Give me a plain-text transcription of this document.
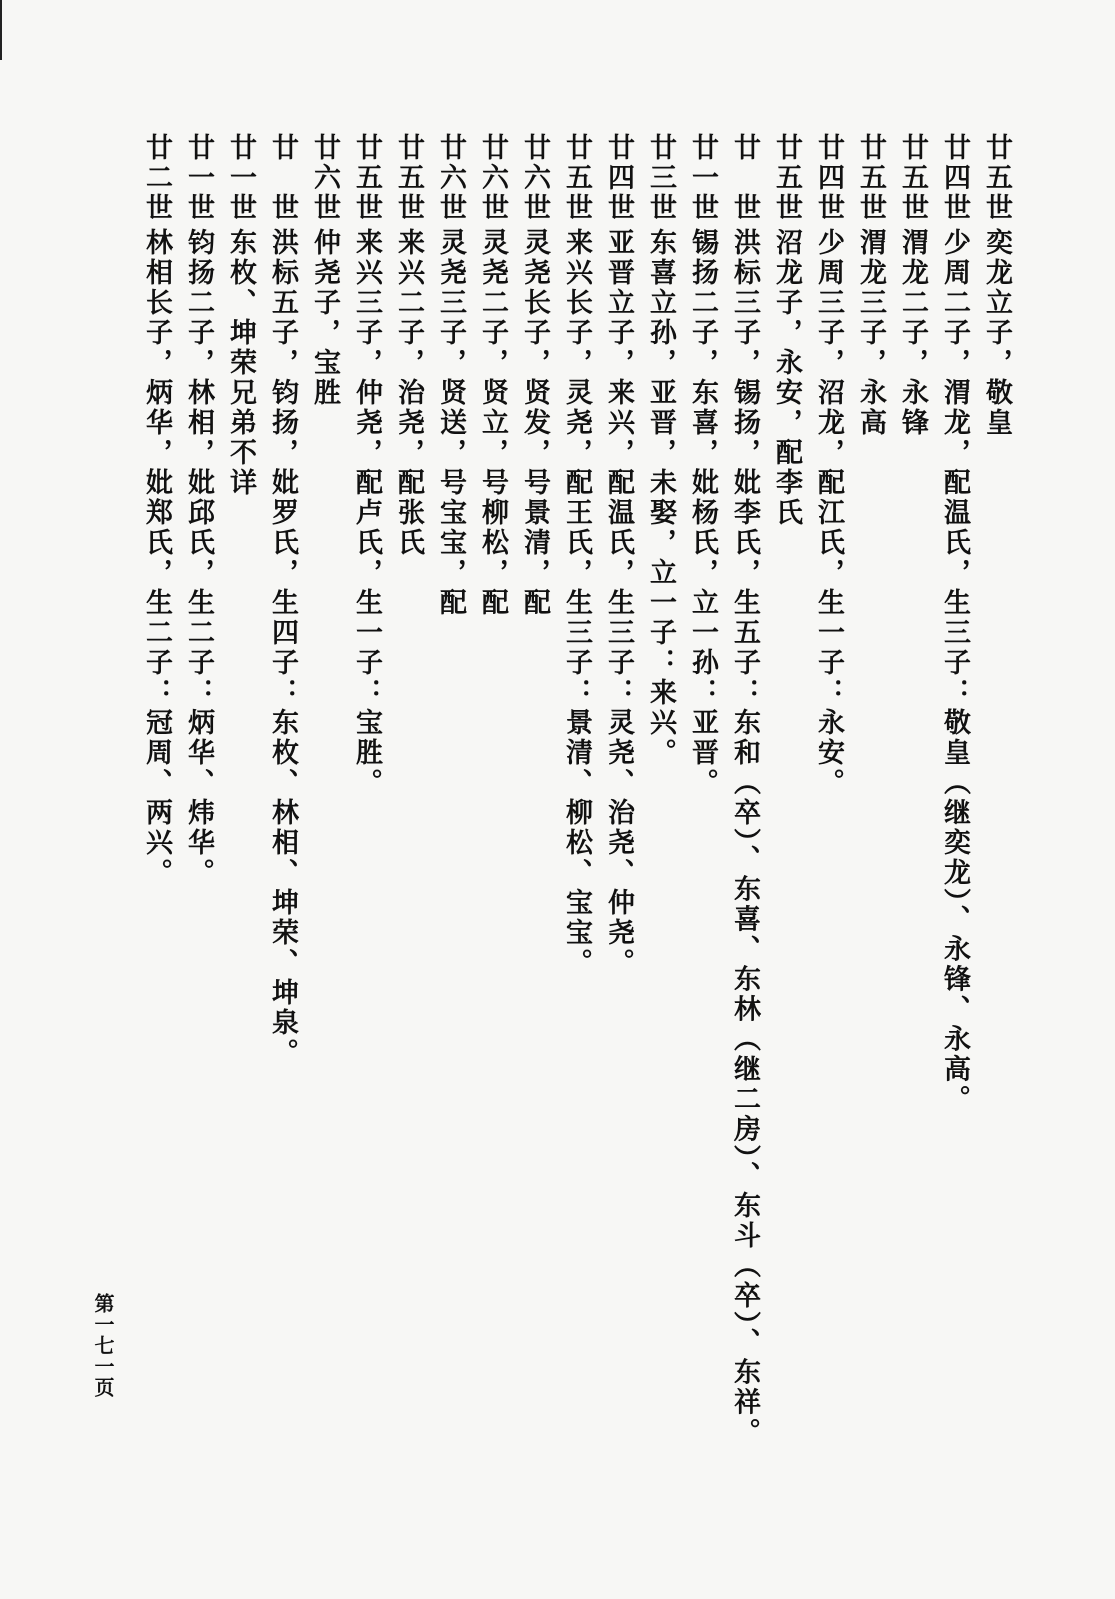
廿五世奕龙立子，敬皇
廿四世少周二子，渭龙，配温氏，生三子：敬皇（继奕龙）、永锋、永高。
廿五世渭龙二子，永锋
廿五世渭龙三子，永高
廿四世少周三子，沼龙，配江氏，生一子：永安。
廿五世沼龙子，永安，配李氏
廿　世洪标三子，锡扬，妣李氏，生五子：东和（卒）、东喜、东林（继二房）、东斗（卒）、东祥。
廿一世锡扬二子，东喜，妣杨氏，立一孙：亚晋。
廿三世东喜立孙，亚晋，未娶，立一子：来兴。
廿四世亚晋立子，来兴，配温氏，生三子：灵尧、治尧、仲尧。
廿五世来兴长子，灵尧，配王氏，生三子：景清、柳松、宝宝。
廿六世灵尧长子，贤发，号景清，配
廿六世灵尧二子，贤立，号柳松，配
廿六世灵尧三子，贤送，号宝宝，配
廿五世来兴二子，治尧，配张氏
廿五世来兴三子，仲尧，配卢氏，生一子：宝胜。
廿六世仲尧子，宝胜
廿　世洪标五子，钧扬，妣罗氏，生四子：东枚、林相、坤荣、坤泉。
廿一世东枚、坤荣兄弟不详
廿一世钧扬二子，林相，妣邱氏，生二子：炳华、炜华。
廿二世林相长子，炳华，妣郑氏，生二子：冠周、两兴。
第一七一页
